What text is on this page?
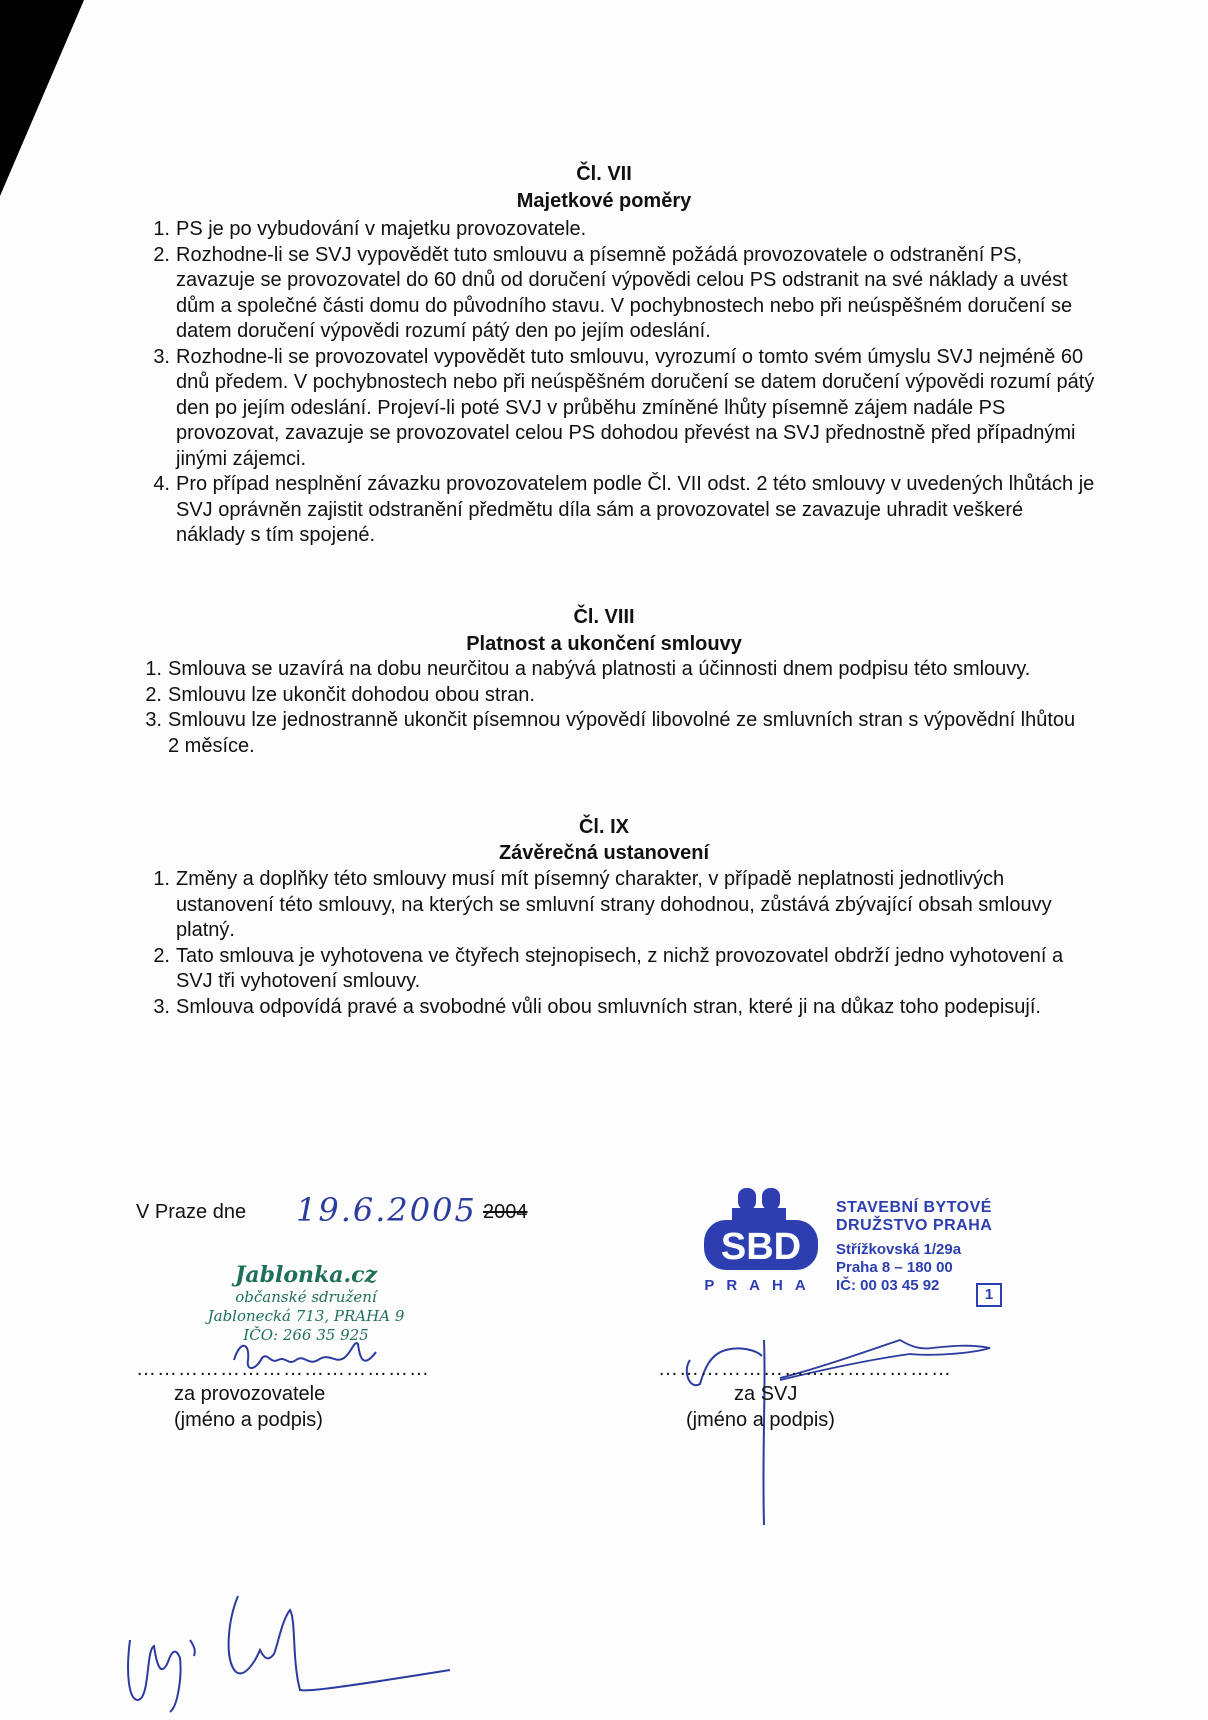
Čl. VII
Majetkové poměry
1. PS je po vybudování v majetku provozovatele.
2. Rozhodne-li se SVJ vypovědět tuto smlouvu a písemně požádá provozovatele o odstranění PS, zavazuje se provozovatel do 60 dnů od doručení výpovědi celou PS odstranit na své náklady a uvést dům a společné části domu do původního stavu. V pochybnostech nebo při neúspěšném doručení se datem doručení výpovědi rozumí pátý den po jejím odeslání.
3. Rozhodne-li se provozovatel vypovědět tuto smlouvu, vyrozumí o tomto svém úmyslu SVJ nejméně 60 dnů předem. V pochybnostech nebo při neúspěšném doručení se datem doručení výpovědi rozumí pátý den po jejím odeslání. Projeví-li poté SVJ v průběhu zmíněné lhůty písemně zájem nadále PS provozovat, zavazuje se provozovatel celou PS dohodou převést na SVJ přednostně před případnými jinými zájemci.
4. Pro případ nesplnění závazku provozovatelem podle Čl. VII odst. 2 této smlouvy v uvedených lhůtách je SVJ oprávněn zajistit odstranění předmětu díla sám a provozovatel se zavazuje uhradit veškeré náklady s tím spojené.
Čl. VIII
Platnost a ukončení smlouvy
1. Smlouva se uzavírá na dobu neurčitou a nabývá platnosti a účinnosti dnem podpisu této smlouvy.
2. Smlouvu lze ukončit dohodou obou stran.
3. Smlouvu lze jednostranně ukončit písemnou výpovědí libovolné ze smluvních stran s výpovědní lhůtou 2 měsíce.
Čl. IX
Závěrečná ustanovení
1. Změny a doplňky této smlouvy musí mít písemný charakter, v případě neplatnosti jednotlivých ustanovení této smlouvy, na kterých se smluvní strany dohodnou, zůstává zbývající obsah smlouvy platný.
2. Tato smlouva je vyhotovena ve čtyřech stejnopisech, z nichž provozovatel obdrží jedno vyhotovení a SVJ tři vyhotovení smlouvy.
3. Smlouva odpovídá pravé a svobodné vůli obou smluvních stran, které ji na důkaz toho podepisují.
V Praze dne 19.6.2005 2004
Jablonka.cz
občanské sdružení
Jablonecká 713, PRAHA 9
IČO: 266 35 925
……………………………………
za provozovatele
(jméno a podpis)
SBD
PRAHA
STAVEBNÍ BYTOVÉ
DRUŽSTVO PRAHA
Střížkovská 1/29a
Praha 8 – 180 00
IČ: 00 03 45 92
1
……………………………………
za SVJ
(jméno a podpis)
